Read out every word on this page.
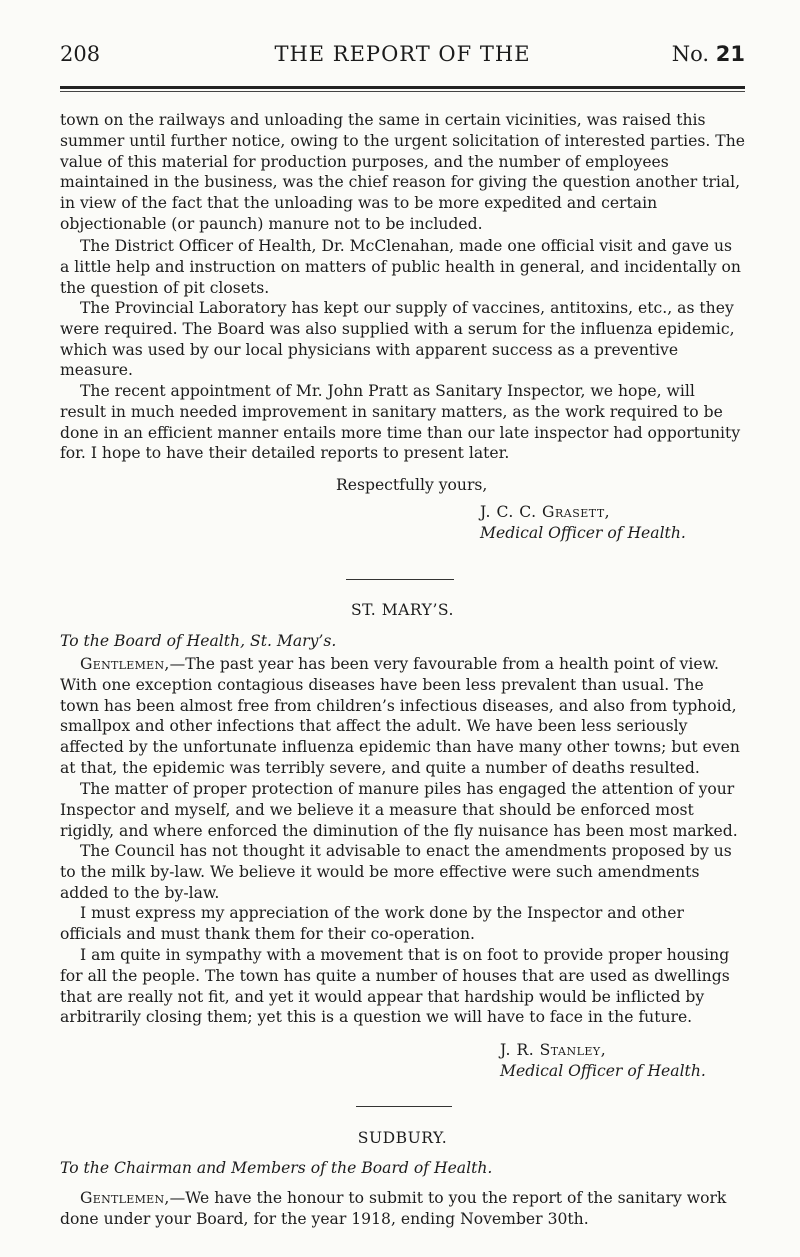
208	THE REPORT OF THE	No. 21

town on the railways and unloading the same in certain vicinities, was raised this summer until further notice, owing to the urgent solicitation of interested parties. The value of this material for production purposes, and the number of employees maintained in the business, was the chief reason for giving the question another trial, in view of the fact that the unloading was to be more expedited and certain objectionable (or paunch) manure not to be included.

The District Officer of Health, Dr. McClenahan, made one official visit and gave us a little help and instruction on matters of public health in general, and incidentally on the question of pit closets.

The Provincial Laboratory has kept our supply of vaccines, antitoxins, etc., as they were required. The Board was also supplied with a serum for the influenza epidemic, which was used by our local physicians with apparent success as a preventive measure.

The recent appointment of Mr. John Pratt as Sanitary Inspector, we hope, will result in much needed improvement in sanitary matters, as the work required to be done in an efficient manner entails more time than our late inspector had opportunity for. I hope to have their detailed reports to present later.

Respectfully yours,
J. C. C. Grasett,
Medical Officer of Health.
ST. MARY’S.
To the Board of Health, St. Mary’s.

Gentlemen,—The past year has been very favourable from a health point of view. With one exception contagious diseases have been less prevalent than usual. The town has been almost free from children’s infectious diseases, and also from typhoid, smallpox and other infections that affect the adult. We have been less seriously affected by the unfortunate influenza epidemic than have many other towns; but even at that, the epidemic was terribly severe, and quite a number of deaths resulted.

The matter of proper protection of manure piles has engaged the attention of your Inspector and myself, and we believe it a measure that should be enforced most rigidly, and where enforced the diminution of the fly nuisance has been most marked.

The Council has not thought it advisable to enact the amendments proposed by us to the milk by-law. We believe it would be more effective were such amendments added to the by-law.

I must express my appreciation of the work done by the Inspector and other officials and must thank them for their co-operation.

I am quite in sympathy with a movement that is on foot to provide proper housing for all the people. The town has quite a number of houses that are used as dwellings that are really not fit, and yet it would appear that hardship would be inflicted by arbitrarily closing them; yet this is a question we will have to face in the future.

J. R. Stanley,
Medical Officer of Health.
SUDBURY.
To the Chairman and Members of the Board of Health.

Gentlemen,—We have the honour to submit to you the report of the sanitary work done under your Board, for the year 1918, ending November 30th.
